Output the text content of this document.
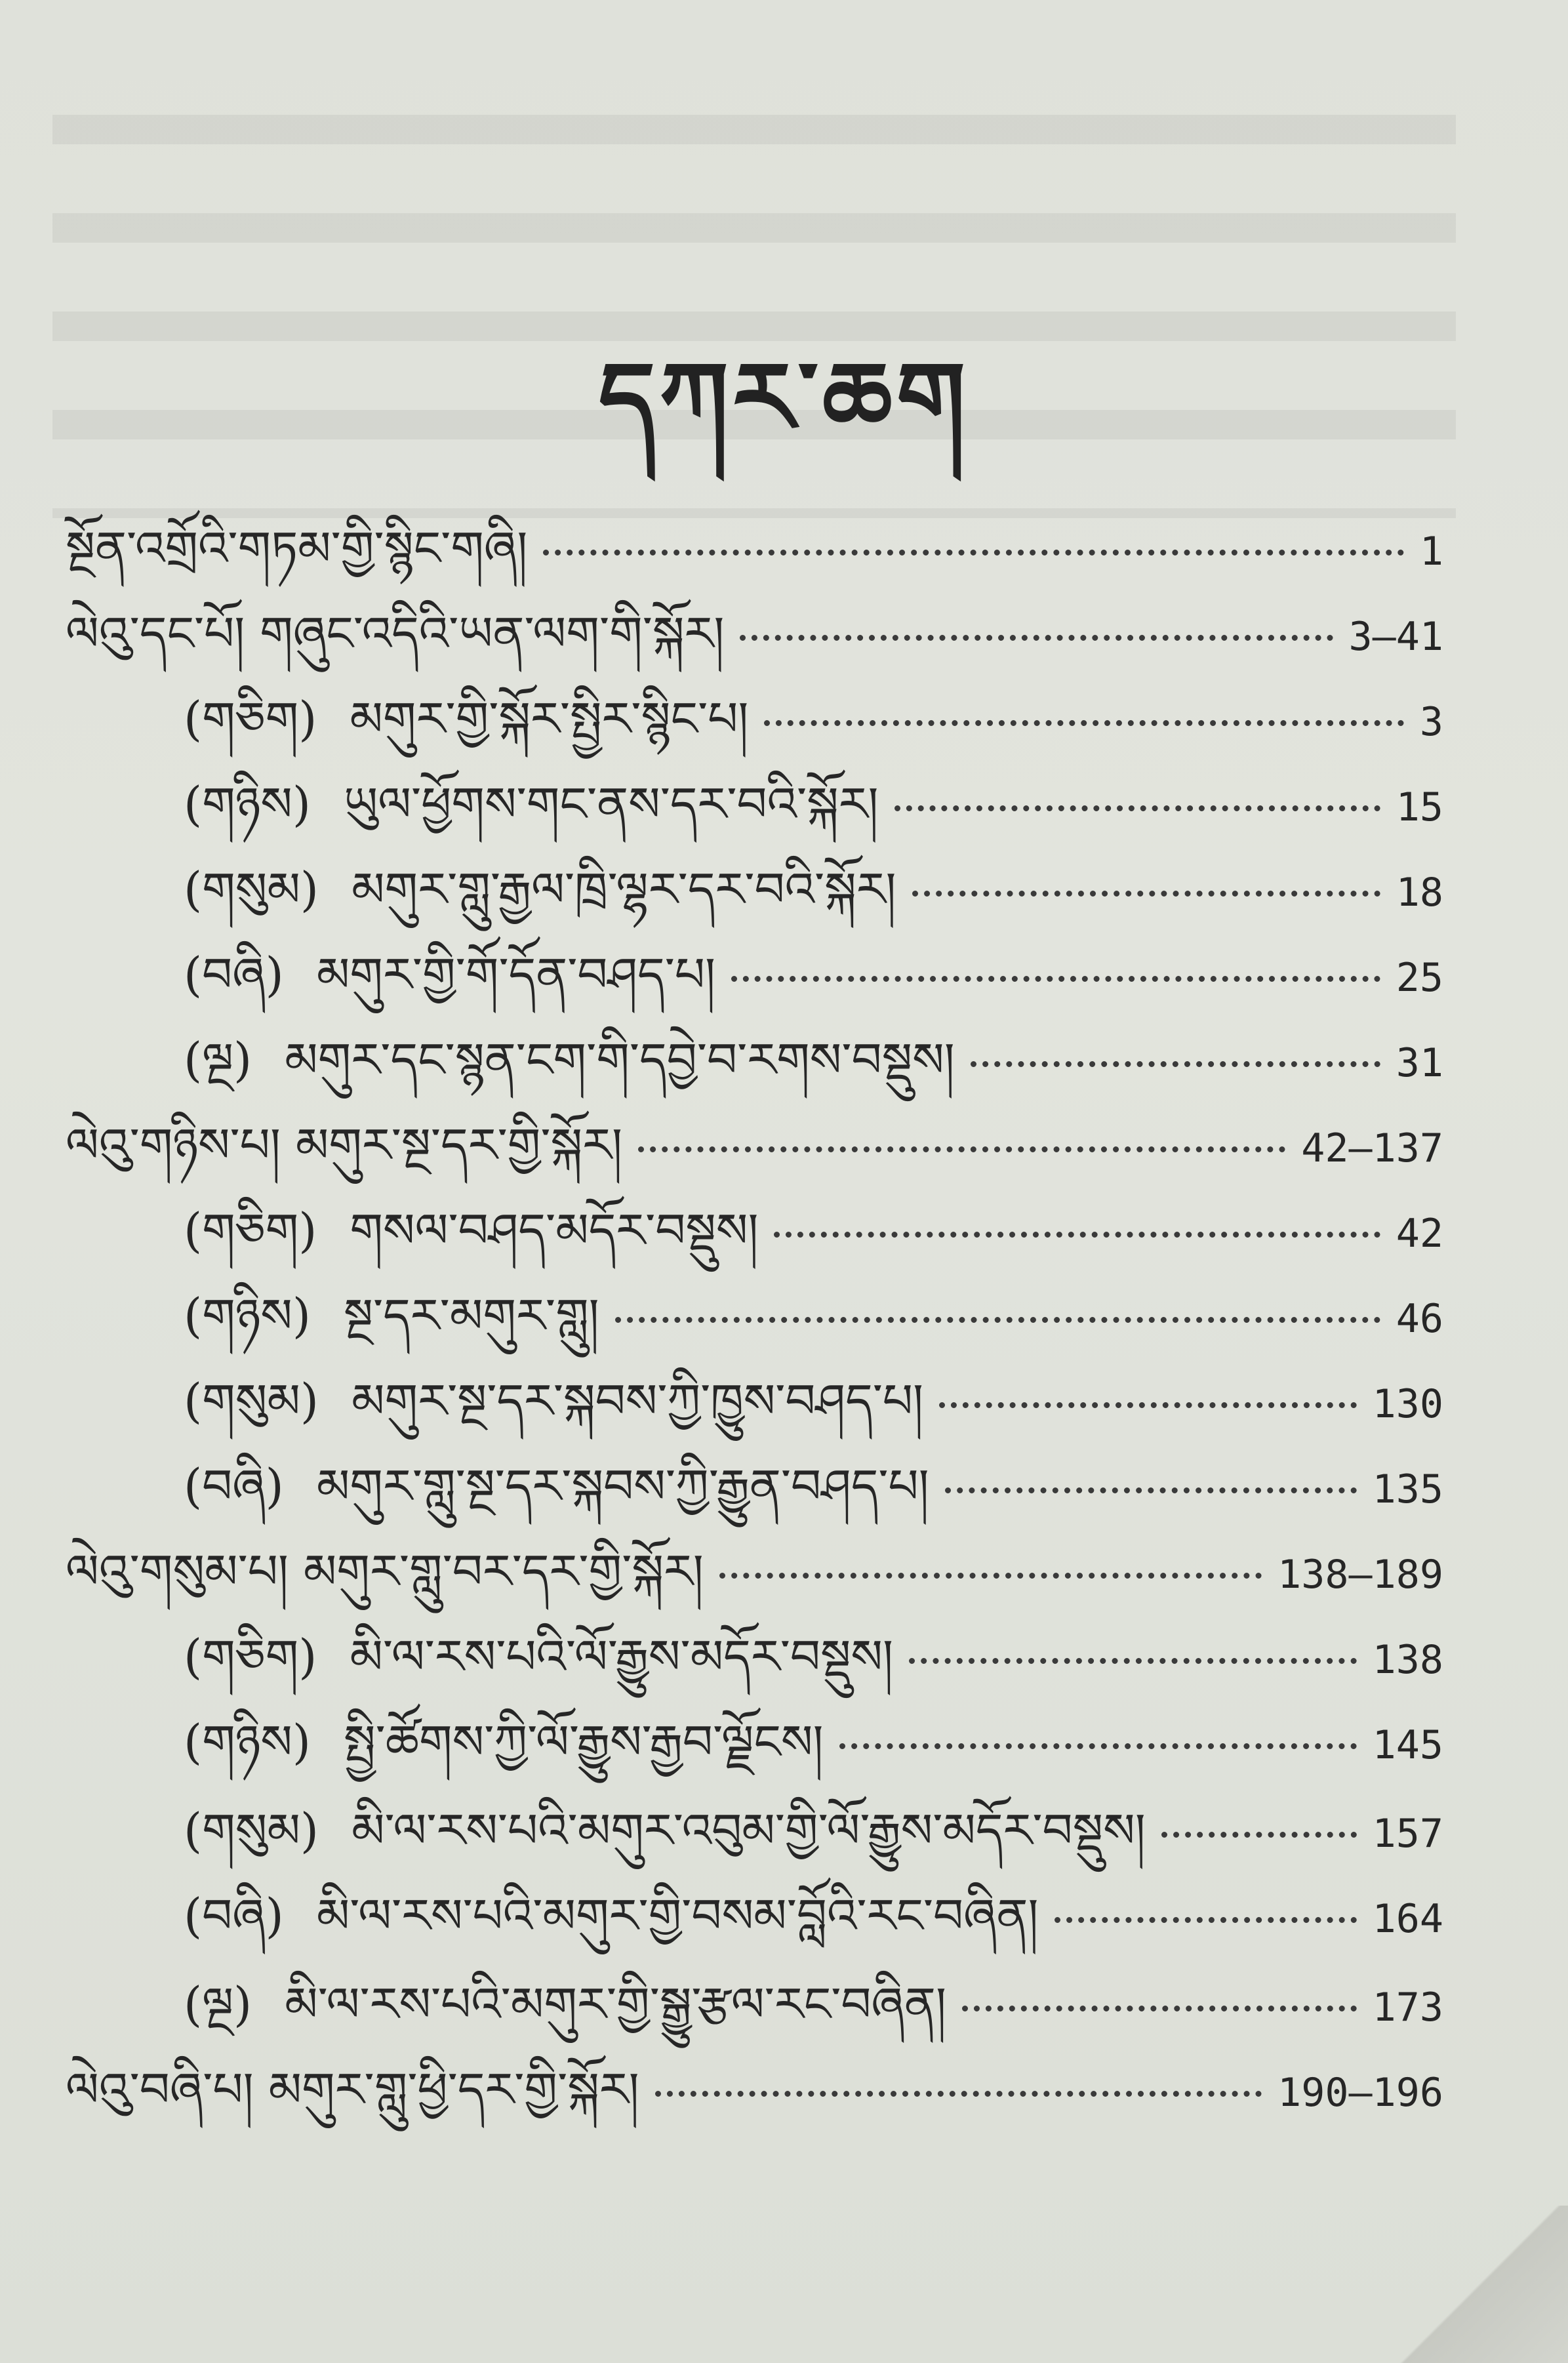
དཀར་ཆག
སྔོན་འགྲོའི་གཏམ་གྱི་སྙིང་གཞི།	1
ལེའུ་དང་པོ། གཞུང་འདིའི་ཡན་ལག་གི་སྐོར།	3—41
(གཅིག) མགུར་གྱི་སྐོར་སྤྱིར་སྙིང་པ།	3
(གཉིས) ཡུལ་ཕྱོགས་གང་ནས་དར་བའི་སྐོར།	15
(གསུམ) མགུར་གླུ་རྒྱལ་ཁྲི་ལྷར་དར་བའི་སྐོར།	18
(བཞི) མགུར་གྱི་གོ་དོན་བཤད་པ།	25
(ལྔ) མགུར་དང་སྙན་ངག་གི་དབྱེ་བ་རགས་བསྡུས།	31
ལེའུ་གཉིས་པ། མགུར་སྔ་དར་གྱི་སྐོར།	42—137
(གཅིག) གསལ་བཤད་མདོར་བསྡུས།	42
(གཉིས) སྔ་དར་མགུར་གླུ།	46
(གསུམ) མགུར་སྔ་དར་སྐབས་ཀྱི་ཁྱུས་བཤད་པ།	130
(བཞི) མགུར་གླུ་སྔ་དར་སྐབས་ཀྱི་རྒྱུན་བཤད་པ།	135
ལེའུ་གསུམ་པ། མགུར་གླུ་བར་དར་གྱི་སྐོར།	138—189
(གཅིག) མི་ལ་རས་པའི་ལོ་རྒྱུས་མདོར་བསྡུས།	138
(གཉིས) སྤྱི་ཚོགས་ཀྱི་ལོ་རྒྱུས་རྒྱབ་ལྗོངས།	145
(གསུམ) མི་ལ་རས་པའི་མགུར་འབུམ་གྱི་ལོ་རྒྱུས་མདོར་བསྡུས།	157
(བཞི) མི་ལ་རས་པའི་མགུར་གྱི་བསམ་བློའི་རང་བཞིན།	164
(ལྔ) མི་ལ་རས་པའི་མགུར་གྱི་སྒྱུ་རྩལ་རང་བཞིན།	173
ལེའུ་བཞི་པ། མགུར་གླུ་ཕྱི་དར་གྱི་སྐོར།	190—196
